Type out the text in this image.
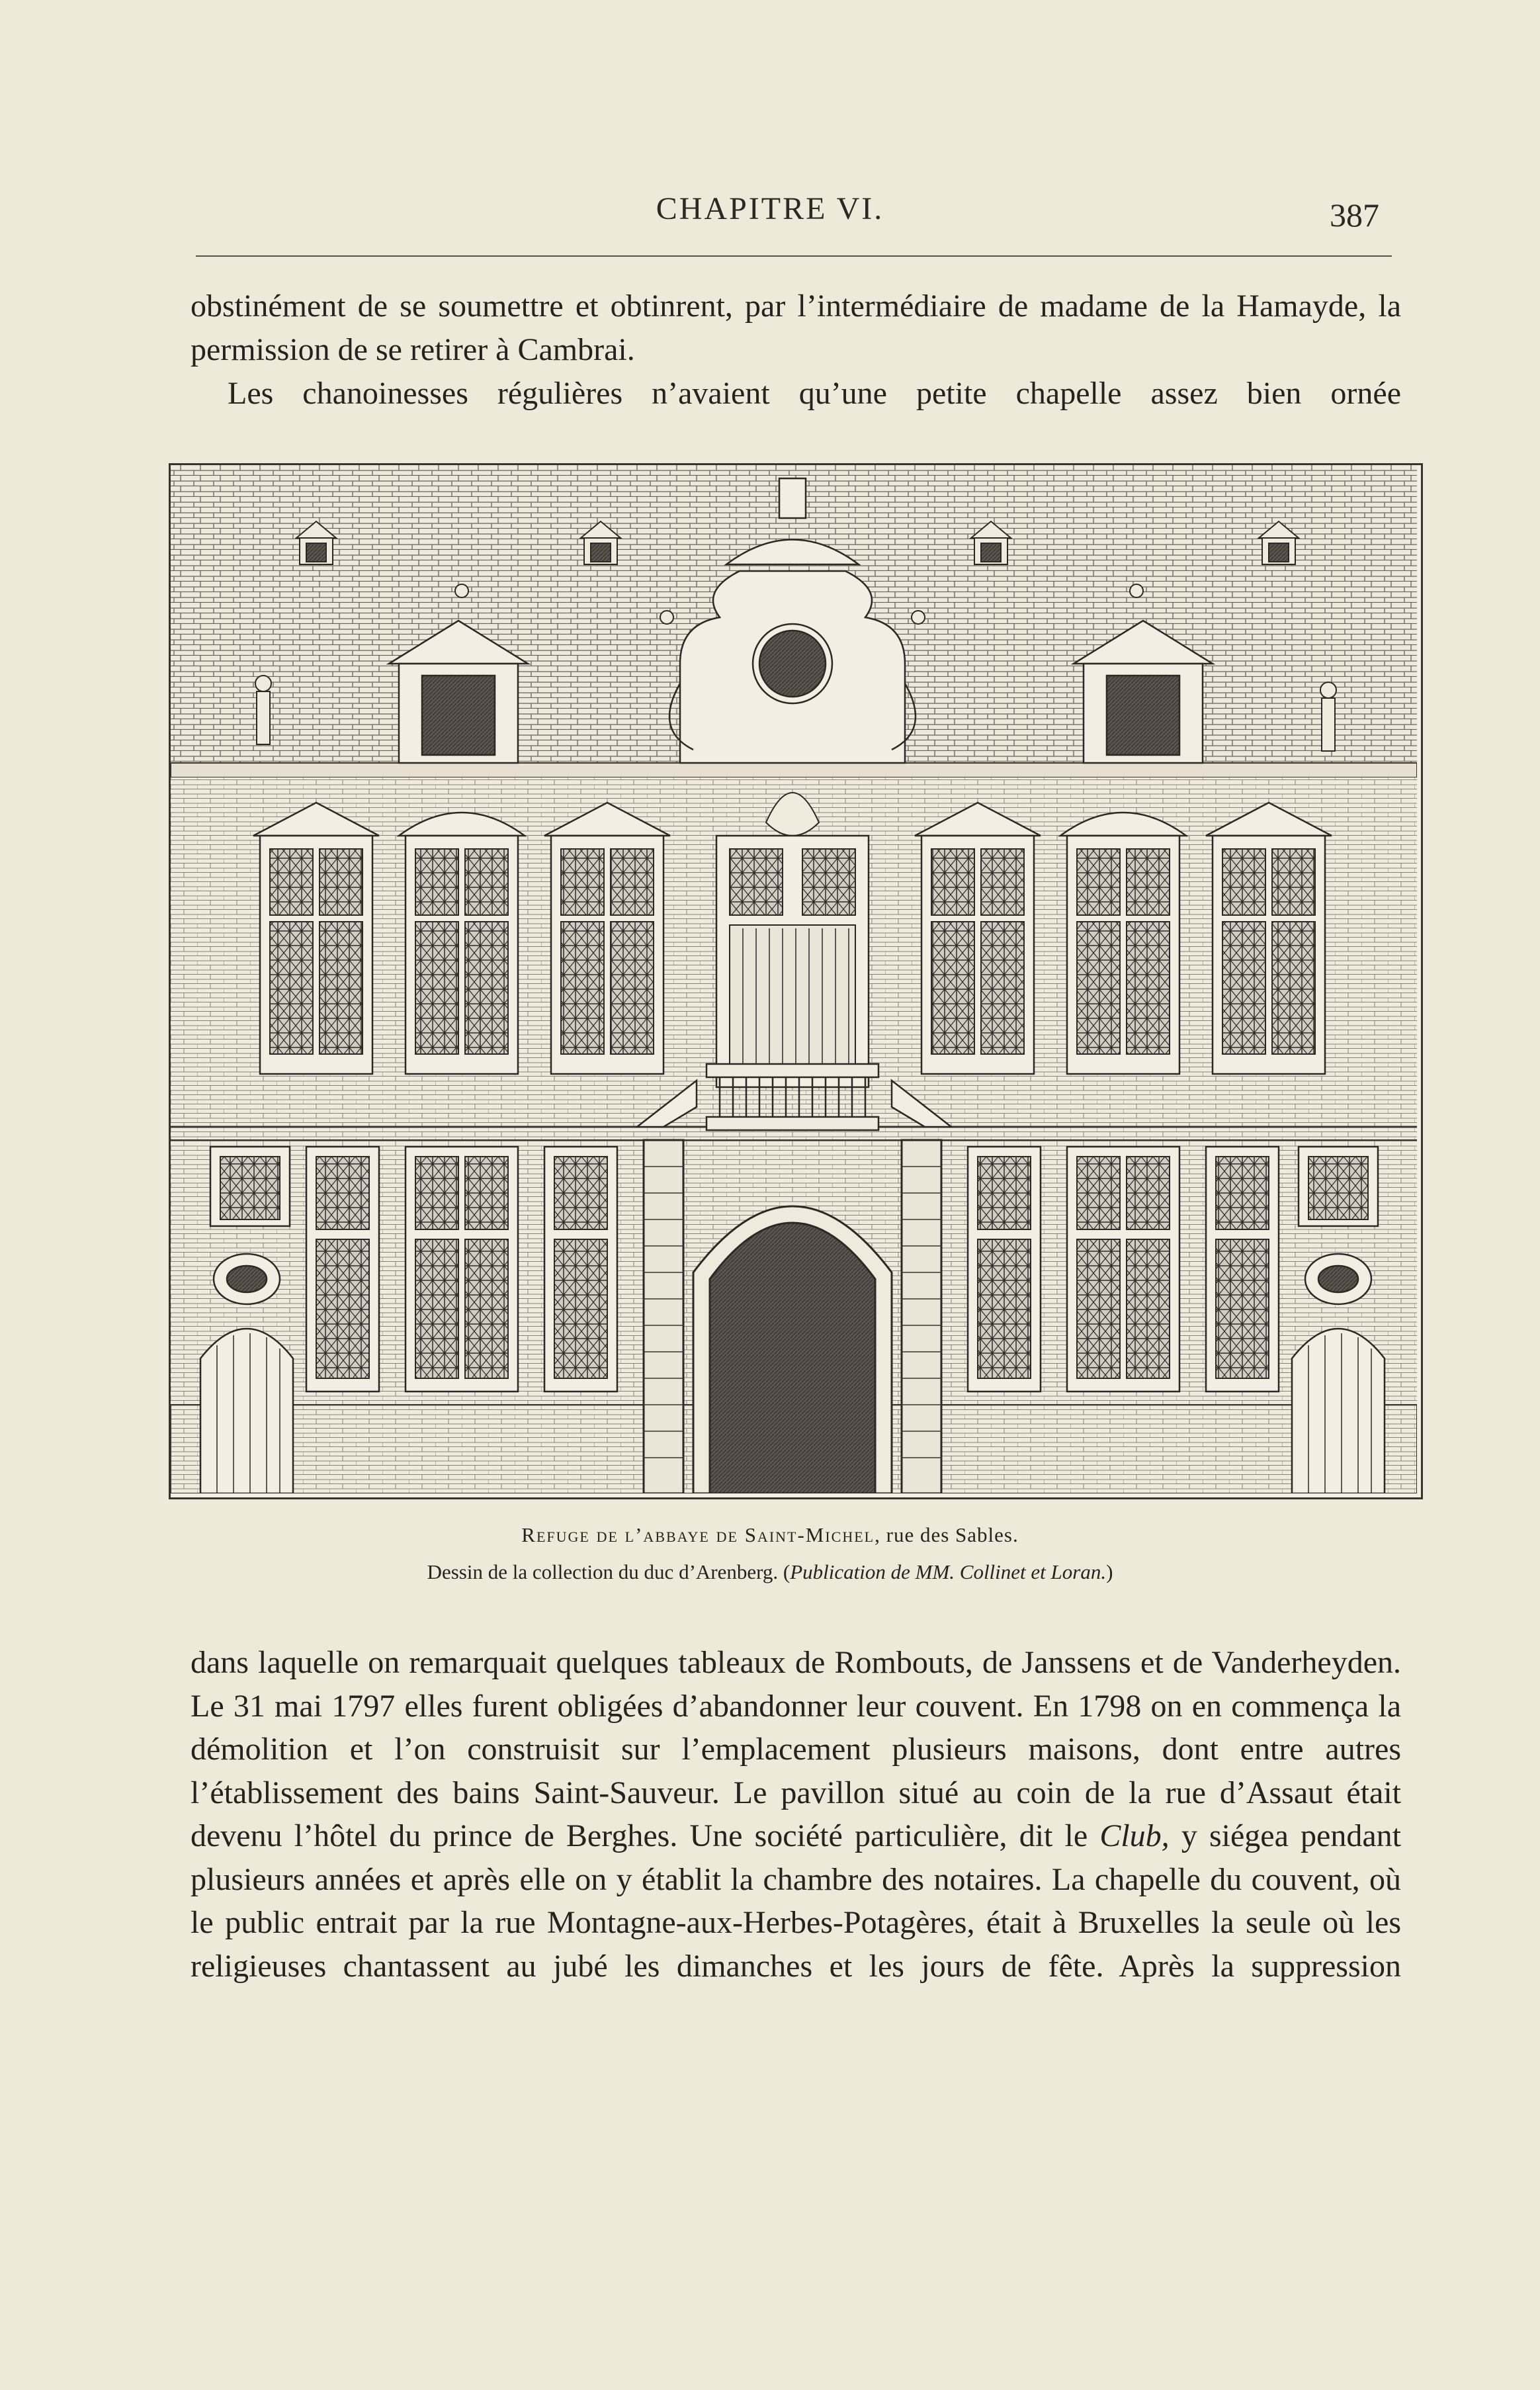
CHAPITRE VI.	387

obstinément de se soumettre et obtinrent, par l’intermédiaire de madame de la Hamayde, la permission de se retirer à Cambrai.

Les chanoinesses régulières n’avaient qu’une petite chapelle assez bien ornée

Refuge de l’abbaye de Saint-Michel, rue des Sables.
Dessin de la collection du duc d’Arenberg. (Publication de MM. Collinet et Loran.)

dans laquelle on remarquait quelques tableaux de Rombouts, de Janssens et de Vanderheyden. Le 31 mai 1797 elles furent obligées d’abandonner leur couvent. En 1798 on en commença la démolition et l’on construisit sur l’emplacement plusieurs maisons, dont entre autres l’établissement des bains Saint-Sauveur. Le pavillon situé au coin de la rue d’Assaut était devenu l’hôtel du prince de Berghes. Une société particulière, dit le Club, y siégea pendant plusieurs années et après elle on y établit la chambre des notaires. La chapelle du couvent, où le public entrait par la rue Montagne-aux-Herbes-Potagères, était à Bruxelles la seule où les religieuses chantassent au jubé les dimanches et les jours de fête. Après la suppression
